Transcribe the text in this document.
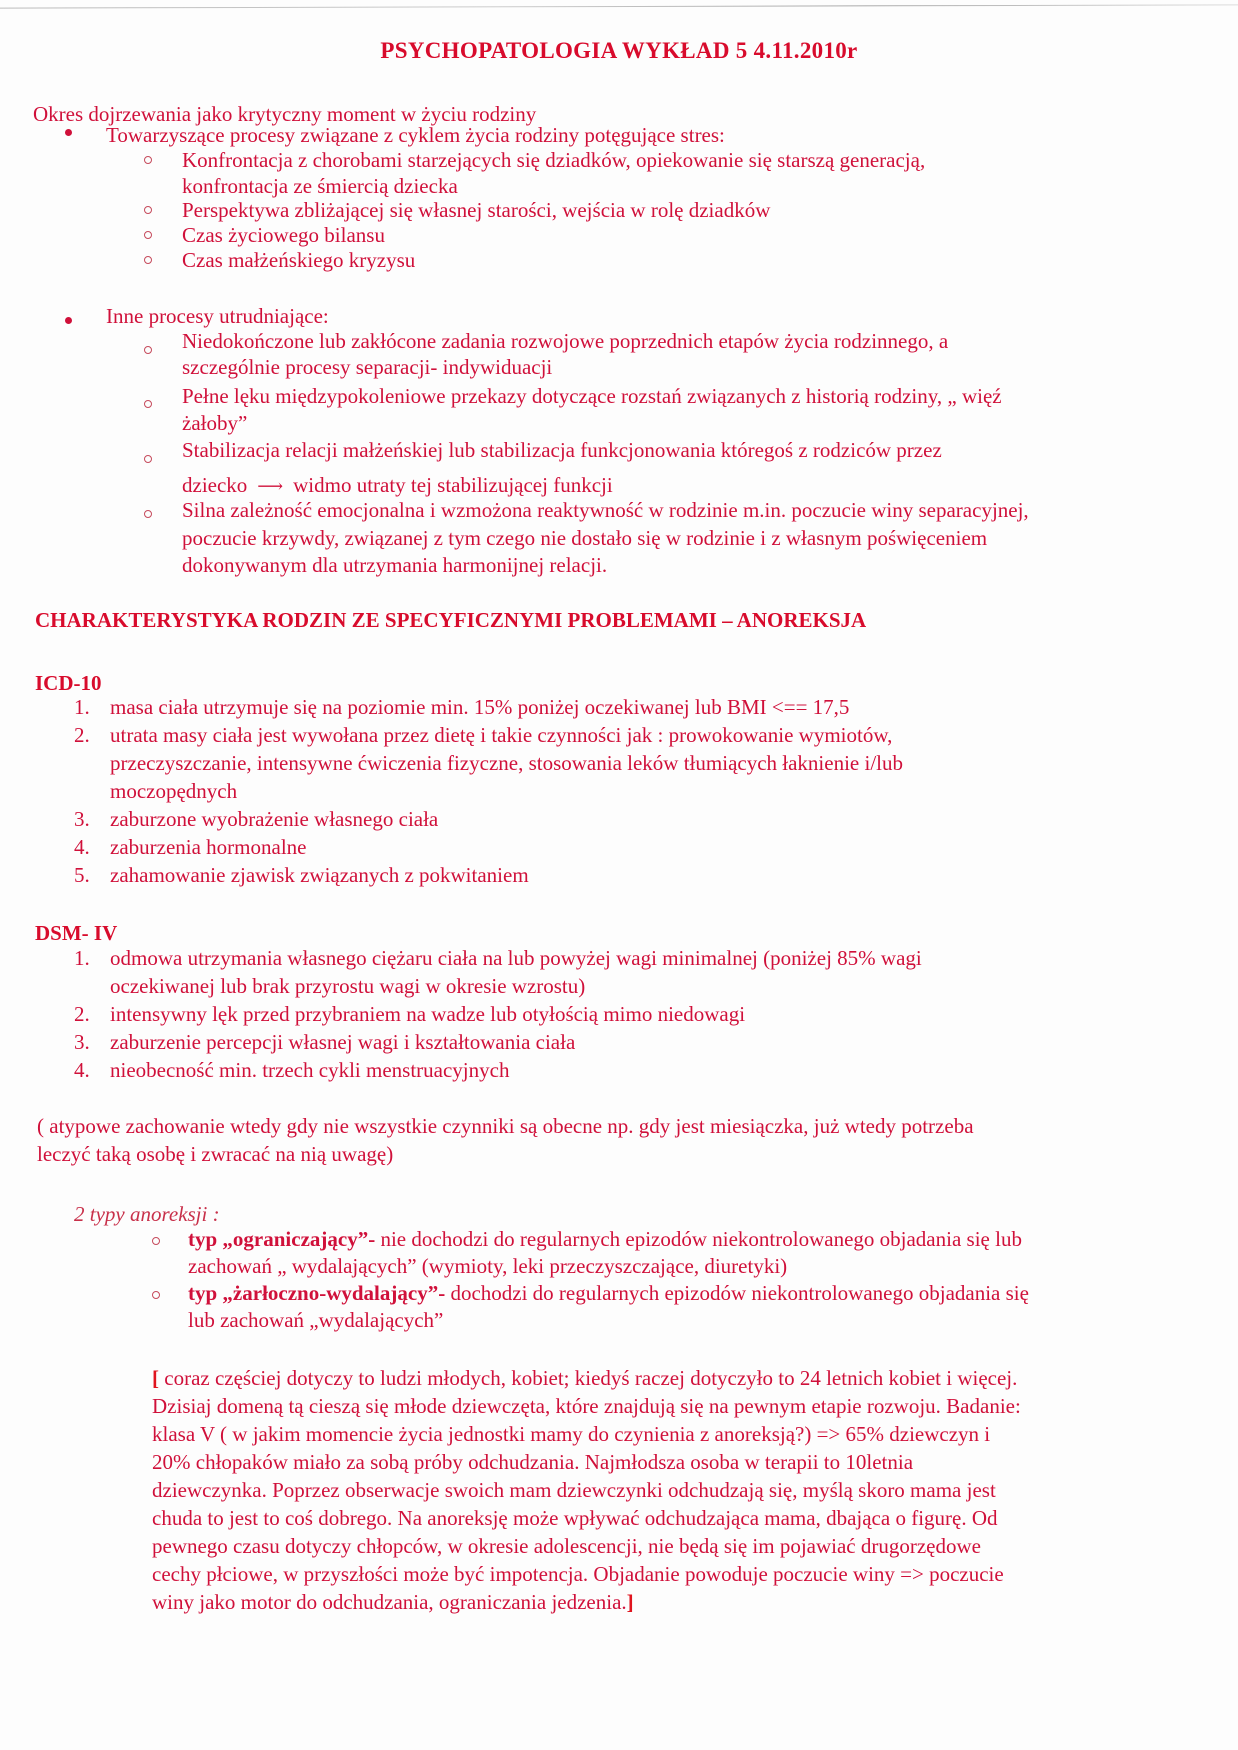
PSYCHOPATOLOGIA WYKŁAD 5 4.11.2010r
Okres dojrzewania jako krytyczny moment w życiu rodziny
Towarzyszące procesy związane z cyklem życia rodziny potęgujące stres:
Konfrontacja z chorobami starzejących się dziadków, opiekowanie się starszą generacją,
konfrontacja ze śmiercią dziecka
Perspektywa zbliżającej się własnej starości, wejścia w rolę dziadków
Czas życiowego bilansu
Czas małżeńskiego kryzysu
Inne procesy utrudniające:
Niedokończone lub zakłócone zadania rozwojowe poprzednich etapów życia rodzinnego, a
szczególnie procesy separacji- indywiduacji
Pełne lęku międzypokoleniowe przekazy dotyczące rozstań związanych z historią rodziny, „ więź
żałoby”
Stabilizacja relacji małżeńskiej lub stabilizacja funkcjonowania któregoś z rodziców przez
dziecko ⟶ widmo utraty tej stabilizującej funkcji
Silna zależność emocjonalna i wzmożona reaktywność w rodzinie m.in. poczucie winy separacyjnej,
poczucie krzywdy, związanej z tym czego nie dostało się w rodzinie i z własnym poświęceniem
dokonywanym dla utrzymania harmonijnej relacji.
CHARAKTERYSTYKA RODZIN ZE SPECYFICZNYMI PROBLEMAMI – ANOREKSJA
ICD-10
1. masa ciała utrzymuje się na poziomie min. 15% poniżej oczekiwanej lub BMI <== 17,5
2. utrata masy ciała jest wywołana przez dietę i takie czynności jak : prowokowanie wymiotów,
przeczyszczanie, intensywne ćwiczenia fizyczne, stosowania leków tłumiących łaknienie i/lub
moczopędnych
3. zaburzone wyobrażenie własnego ciała
4. zaburzenia hormonalne
5. zahamowanie zjawisk związanych z pokwitaniem
DSM- IV
1. odmowa utrzymania własnego ciężaru ciała na lub powyżej wagi minimalnej (poniżej 85% wagi
oczekiwanej lub brak przyrostu wagi w okresie wzrostu)
2. intensywny lęk przed przybraniem na wadze lub otyłością mimo niedowagi
3. zaburzenie percepcji własnej wagi i kształtowania ciała
4. nieobecność min. trzech cykli menstruacyjnych
( atypowe zachowanie wtedy gdy nie wszystkie czynniki są obecne np. gdy jest miesiączka, już wtedy potrzeba
leczyć taką osobę i zwracać na nią uwagę)
2 typy anoreksji :
typ „ograniczający”- nie dochodzi do regularnych epizodów niekontrolowanego objadania się lub
zachowań „ wydalających” (wymioty, leki przeczyszczające, diuretyki)
typ „żarłoczno-wydalający”- dochodzi do regularnych epizodów niekontrolowanego objadania się
lub zachowań „wydalających”
[ coraz częściej dotyczy to ludzi młodych, kobiet; kiedyś raczej dotyczyło to 24 letnich kobiet i więcej.
Dzisiaj domeną tą cieszą się młode dziewczęta, które znajdują się na pewnym etapie rozwoju. Badanie:
klasa V ( w jakim momencie życia jednostki mamy do czynienia z anoreksją?) => 65% dziewczyn i
20% chłopaków miało za sobą próby odchudzania. Najmłodsza osoba w terapii to 10letnia
dziewczynka. Poprzez obserwacje swoich mam dziewczynki odchudzają się, myślą skoro mama jest
chuda to jest to coś dobrego. Na anoreksję może wpływać odchudzająca mama, dbająca o figurę. Od
pewnego czasu dotyczy chłopców, w okresie adolescencji, nie będą się im pojawiać drugorzędowe
cechy płciowe, w przyszłości może być impotencja. Objadanie powoduje poczucie winy => poczucie
winy jako motor do odchudzania, ograniczania jedzenia.]
